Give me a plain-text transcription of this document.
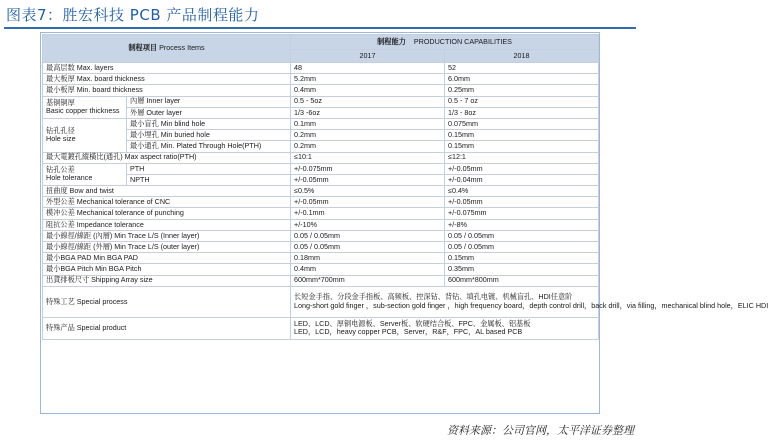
图表7：胜宏科技 PCB 产品制程能力
制程项目 Process Items		制程能力 PRODUCTION CAPABILITIES	
		2017	2018
最高层数 Max. layers		48	52
最大板厚 Max. board thickness		5.2mm	6.0mm
最小板厚 Min. board thickness		0.4mm	0.25mm

基铜铜厚
Basic copper thickness	內層 Inner layer	0.5 - 5oz	0.5 - 7 oz
	外層 Outer layer	1/3 -6oz	1/3 - 8oz

钻孔孔径
Hole size	最小盲孔 Min blind hole	0.1mm	0.075mm
	最小埋孔 Min buried hole	0.2mm	0.15mm
	最小通孔 Min. Plated Through Hole(PTH)	0.2mm	0.15mm
最大電鍍孔縱橫比(通孔) Max aspect ratio(PTH)		≤10:1	≤12:1

钻孔公差
Hole tolerance	PTH	+/-0.075mm	+/-0.05mm
	NPTH	+/-0.05mm	+/-0.04mm
扭曲度 Bow and twist		≤0.5%	≤0.4%
外型公差 Mechanical tolerance of CNC		+/-0.05mm	+/-0.05mm
模冲公差 Mechanical tolerance of punching		+/-0.1mm	+/-0.075mm
阻抗公差 Impedance tolerance		+/-10%	+/-8%
最小線徑/線距 (內層) Min Trace L/S (Inner layer)		0.05 / 0.05mm	0.05 / 0.05mm
最小線徑/線距 (外層) Min Trace L/S (outer layer)		0.05 / 0.05mm	0.05 / 0.05mm
最小BGA PAD Min BGA PAD		0.18mm	0.15mm
最小BGA Pitch Min BGA Pitch		0.4mm	0.35mm
出貨排板尺寸 Shipping Array size		600mm*700mm	600mm*800mm
特殊工艺 Special process		长短金手指、分段金手指板、高频板、控深钻、背钻、填孔电镀、机械盲孔、HDI任意阶
Long-short gold finger ，sub-section gold finger ，high frequency board，depth control drill，back drill，via filling，mechanical blind hole，ELIC HDI	

特殊产品 Special product		LED、LCD、厚铜电源板、Server板、软硬结合板、FPC、金属板、铝基板
LED，LCD，heavy copper PCB，Server，R&F，FPC，AL based PCB	
资料来源：公司官网，太平洋证券整理
